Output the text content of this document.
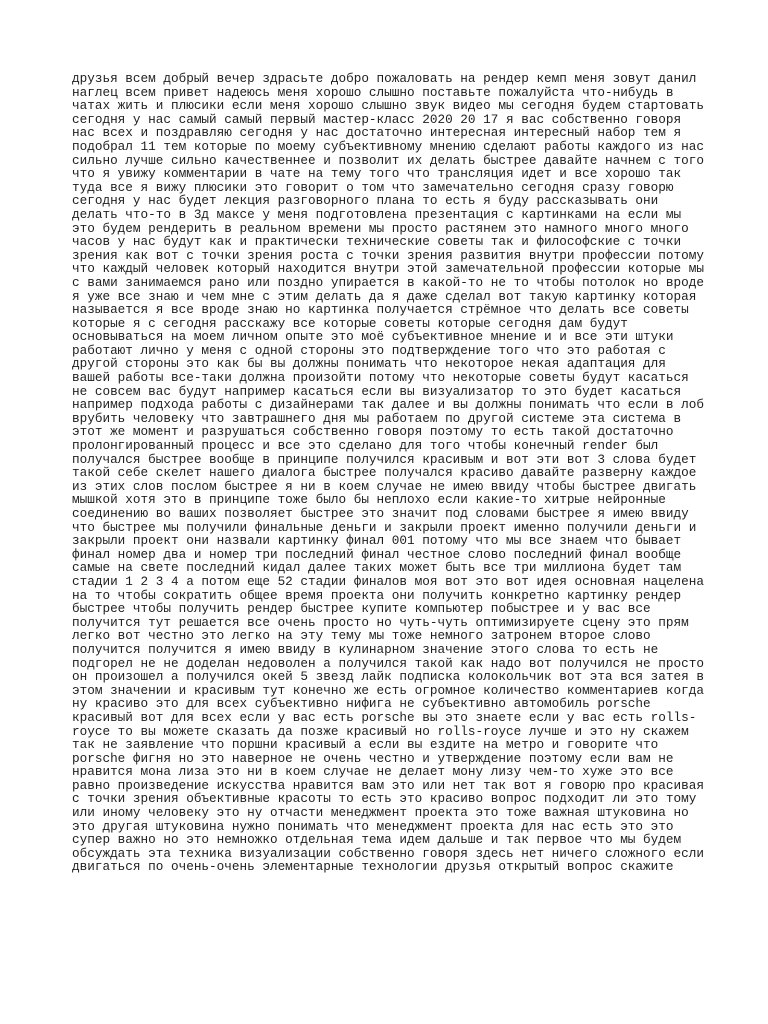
друзья всем добрый вечер здрасьте добро пожаловать на рендер кемп меня зовут данил
наглец всем привет надеюсь меня хорошо слышно поставьте пожалуйста что-нибудь в
чатах жить и плюсики если меня хорошо слышно звук видео мы сегодня будем стартовать
сегодня у нас самый самый первый мастер-класс 2020 20 17 я вас собственно говоря
нас всех и поздравляю сегодня у нас достаточно интересная интересный набор тем я
подобрал 11 тем которые по моему субъективному мнению сделают работы каждого из нас
сильно лучше сильно качественнее и позволит их делать быстрее давайте начнем с того
что я увижу комментарии в чате на тему того что трансляция идет и все хорошо так
туда все я вижу плюсики это говорит о том что замечательно сегодня сразу говорю
сегодня у нас будет лекция разговорного плана то есть я буду рассказывать они
делать что-то в 3д максе у меня подготовлена презентация с картинками на если мы
это будем рендерить в реальном времени мы просто растянем это намного много много
часов у нас будут как и практически технические советы так и философские с точки
зрения как вот с точки зрения роста с точки зрения развития внутри профессии потому
что каждый человек который находится внутри этой замечательной профессии которые мы
с вами занимаемся рано или поздно упирается в какой-то не то чтобы потолок но вроде
я уже все знаю и чем мне с этим делать да я даже сделал вот такую картинку которая
называется я все вроде знаю но картинка получается стрёмное что делать все советы
которые я с сегодня расскажу все которые советы которые сегодня дам будут
основываться на моем личном опыте это моё субъективное мнение и и все эти штуки
работают лично у меня с одной стороны это подтверждение того что это работая с
другой стороны это как бы вы должны понимать что некоторое некая адаптация для
вашей работы все-таки должна произойти потому что некоторые советы будут касаться
не совсем вас будут например касаться если вы визуализатор то это будет касаться
например подхода работы с дизайнерами так далее и вы должны понимать что если в лоб
врубить человеку что завтрашнего дня мы работаем по другой системе эта система в
этот же момент и разрушаться собственно говоря поэтому то есть такой достаточно
пролонгированный процесс и все это сделано для того чтобы конечный render был
получался быстрее вообще в принципе получился красивым и вот эти вот 3 слова будет
такой себе скелет нашего диалога быстрее получался красиво давайте разверну каждое
из этих слов послом быстрее я ни в коем случае не имею ввиду чтобы быстрее двигать
мышкой хотя это в принципе тоже было бы неплохо если какие-то хитрые нейронные
соединению во ваших позволяет быстрее это значит под словами быстрее я имею ввиду
что быстрее мы получили финальные деньги и закрыли проект именно получили деньги и
закрыли проект они назвали картинку финал 001 потому что мы все знаем что бывает
финал номер два и номер три последний финал честное слово последний финал вообще
самые на свете последний кидал далее таких может быть все три миллиона будет там
стадии 1 2 3 4 а потом еще 52 стадии финалов моя вот это вот идея основная нацелена
на то чтобы сократить общее время проекта они получить конкретно картинку рендер
быстрее чтобы получить рендер быстрее купите компьютер побыстрее и у вас все
получится тут решается все очень просто но чуть-чуть оптимизируете сцену это прям
легко вот честно это легко на эту тему мы тоже немного затронем второе слово
получится получится я имею ввиду в кулинарном значение этого слова то есть не
подгорел не не доделан недоволен а получился такой как надо вот получился не просто
он произошел а получился окей 5 звезд лайк подписка колокольчик вот эта вся затея в
этом значении и красивым тут конечно же есть огромное количество комментариев когда
ну красиво это для всех субъективно нифига не субъективно автомобиль porsche
красивый вот для всех если у вас есть porsche вы это знаете если у вас есть rolls-
royce то вы можете сказать да позже красивый но rolls-royce лучше и это ну скажем
так не заявление что поршни красивый а если вы ездите на метро и говорите что
porsche фигня но это наверное не очень честно и утверждение поэтому если вам не
нравится мона лиза это ни в коем случае не делает мону лизу чем-то хуже это все
равно произведение искусства нравится вам это или нет так вот я говорю про красивая
с точки зрения объективные красоты то есть это красиво вопрос подходит ли это тому
или иному человеку это ну отчасти менеджмент проекта это тоже важная штуковина но
это другая штуковина нужно понимать что менеджмент проекта для нас есть это это
супер важно но это немножко отдельная тема идем дальше и так первое что мы будем
обсуждать эта техника визуализации собственно говоря здесь нет ничего сложного если
двигаться по очень-очень элементарные технологии друзья открытый вопрос скажите
